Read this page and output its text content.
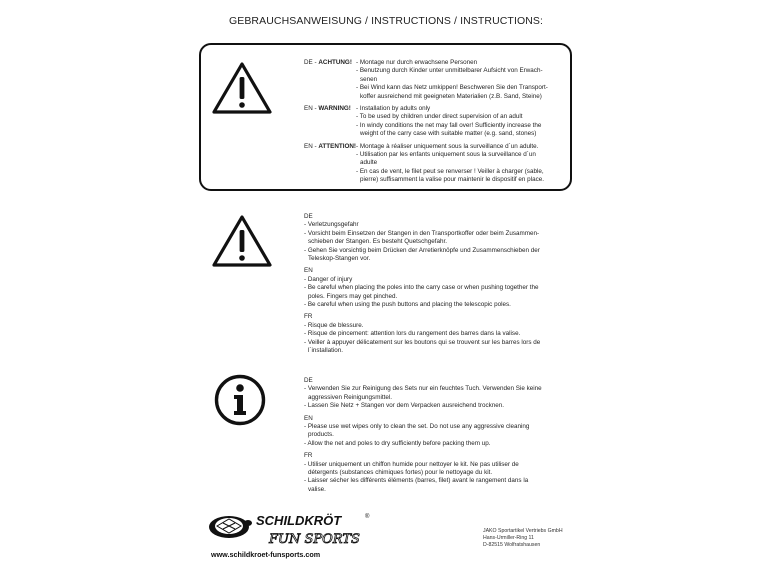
GEBRAUCHSANWEISUNG / INSTRUCTIONS / INSTRUCTIONS:
DE - ACHTUNG! - Montage nur durch erwachsene Personen
- Benutzung durch Kinder unter unmittelbarer Aufsicht von Erwach-
senen
- Bei Wind kann das Netz umkippen! Beschweren Sie den Transport-
koffer ausreichend mit geeigneten Materialien (z.B. Sand, Steine)
EN - WARNING! - Installation by adults only
- To be used by children under direct supervision of an adult
- In windy conditions the net may fall over! Sufficiently increase the
weight of the carry case with suitable matter (e.g. sand, stones)
EN - ATTENTION! - Montage à réaliser uniquement sous la surveillance d´un adulte.
- Utilisation par les enfants uniquement sous la surveillance d´un
adulte
- En cas de vent, le filet peut se renverser ! Veiller à charger (sable,
pierre) suffisamment la valise pour maintenir le dispositif en place.
DE
- Verletzungsgefahr
- Vorsicht beim Einsetzen der Stangen in den Transportkoffer oder beim Zusammen-
schieben der Stangen. Es besteht Quetschgefahr.
- Gehen Sie vorsichtig beim Drücken der Arretierknöpfe und Zusammenschieben der
Teleskop-Stangen vor.
EN
- Danger of injury
- Be careful when placing the poles into the carry case or when pushing together the
poles. Fingers may get pinched.
- Be careful when using the push buttons and placing the telescopic poles.
FR
- Risque de blessure.
- Risque de pincement: attention lors du rangement des barres dans la valise.
- Veiller à appuyer délicatement sur les boutons qui se trouvent sur les barres lors de
l´installation.
DE
- Verwenden Sie zur Reinigung des Sets nur ein feuchtes Tuch. Verwenden Sie keine
aggressiven Reinigungsmittel.
- Lassen Sie Netz + Stangen vor dem Verpacken ausreichend trocknen.
EN
- Please use wet wipes only to clean the set. Do not use any aggressive cleaning
products.
- Allow the net and poles to dry sufficiently before packing them up.
FR
- Utiliser uniquement un chiffon humide pour nettoyer le kit. Ne pas utiliser de
détergents (substances chimiques fortes) pour le nettoyage du kit.
- Laisser sécher les différents éléments (barres, filet) avant le rangement dans la
valise.
SCHILDKRÖT	®
FUN SPORTS
www.schildkroet-funsports.com
JAKO Sportartikel Vertriebs GmbH
Hans-Urmiller-Ring 11
D-82515 Wolfratshausen
